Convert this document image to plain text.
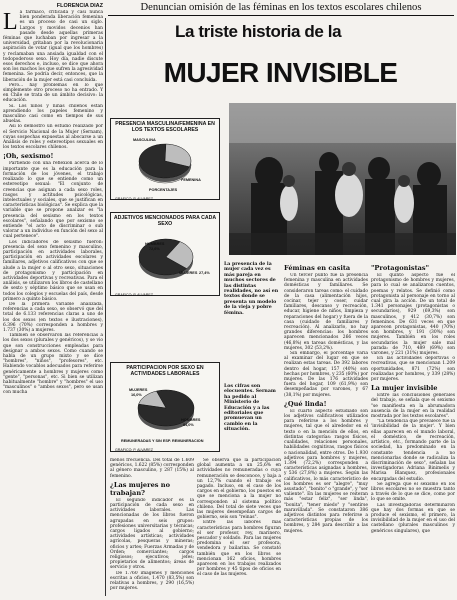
Denuncian omisión de las féminas en los textos escolares chilenos
La triste historia de la
MUJER INVISIBLE
FLORENCIA DIAZ
L a fármaco, criticada y casi nunca bien ponderada liberación femenina es un proceso de casi un siglo. Largos y movidos decenios han pasado desde aquellas primeras féminas que luchaban por ingresar a la universidad, gritaban por la revolucionaria aspiración de votar (igual que los hombres) y reclamaban una ansiada igualdad con el todopoderoso sexo. Hoy día, nadie discute esos derechos e, incluso, se dice que ahora son los machos los que sufren la agresividad femenina. Se podría decir, entonces, que la liberación de la mujer está casi concluida.
Pero... hay problemas en lo que simplemente otro proceso no ha entrado. Y en Chile se trata de un ámbito decisivo: la educación.
Si. Los niños y niñas chilenos están aprendiendo los papeles femenino y masculino casi como en tiempos de sus abuelas.
Así lo demostró un estudio realizado por el Servicio Nacional de la Mujer (Sernam), cuyas sospechas expuestas al abocarse a un Análisis de roles y estereotipos sexuales en los textos escolares chilenos.
¡Oh, sexismo!
Partiendo con una reflexión acerca de lo importante que es la educación para la formación de los jóvenes, el trabajo realizado lo que se entiende como un estereotipo sexual: "El conjunto de creencias que asignan a cada sexo roles, rasgos y actitudes psicológicas, intelectuales y sociales, que se justifican en características biológicas". Se explica que la variable que se propone analizar es "la presencia del sexismo en los textos escolares", señalando que por sexismo se entiende "el acto de discriminar o sub valorar a un individuo en función del sexo al cual pertenece".
Los indicadores de sexismo fueron: presencia del sexo femenino y masculino, participación en actividades laborales, participación en actividades escolares y familiares, adjetivos calificativos con que se alude a la mujer o al otro sexo, situaciones de protagonismo y participación en actividades deportivas y recreativas. Para el análisis, se utilizaron los libros de castellano de sexto y séptimo básico que se usan en todos los colegios y escuelas del país, desde primero a quinto básico.
De la primera variable analizada, referencias a cada sexo, se observó que del total de 6.133 referencias claras a uno de los dos sexos (en textos e ilustraciones), 6.396 (70%) corresponden a hombres y 1.737 (30%) a mujeres.
También se observaron las referencias a los dos sexos (plurales y genéricos), y se vio que son construcciones empleadas para designar a ambos sexos. Como cuando se habla de un grupo mixto y se dice "hombres", "niños", "profesores", etc. Habiendo vocablos adecuados para referirse genéricamente a hombres y mujeres como "gente", "personas", etc. Si bien se utilizan habitualmente "hombre" y "hombres" el uso "masculinos" o "ambos sexos", pero se usan con mucha
PRESENCIA MASCULINA/FEMENINA EN LOS TEXTOS ESCOLARES
MASCULINA
FEMENINA
PORCENTAJES
GRAFICO: P. ALVAREZ
ADJETIVOS MENCIONADOS PARA CADA SEXO
HOMBRES
72,6%
MUJERES 27,4%
GRAFICO: P. ALVAREZ
PARTICIPACION POR SEXO EN ACTIVIDADES LABORALES
MUJERES
16,0%
HOMBRES
84,0%
REMUNERADAS Y SIN ESP. REMUNERACION
GRAFICO: P. ALVAREZ
La presencia de la mujer cada vez es más pareja en muchos sectores de las distintas realidades, no así en textos donde se presenta un modelo de la vieja y pobre fémina.
Los cifras son elocuentes. Sernam ha pedido al Ministerio de Educación y a las editoriales que promuevan un cambio en la situación.
menos frecuencia. Del total de 1.609 genéricos, 1.622 (85%) corresponden al género masculino, y 287 (15%) al femenino.
¿Las mujeres no trabajan?
El segundo indicador es la participación de cada sexo en actividades laborales. Las mencionadas de los libros fueron agrupadas en seis grupos: profesiones universitarias y técnicas; cargos ligados al gobierno; actividades artísticas; actividades agrícolas, pesqueras y mineras; oficios y artes; Fuerzas Armadas y de Orden; comerciantes; cargos religiosos; ejecutivos; jefes; propietarios de alimentos; áreas de servicio y otros.
De 1.760 imágenes y menciones escritas a oficios, 1.470 (83,5%) son relativas a hombres, y 290 (16,5%) por mujeres.
Se observa que la participación global aumenta a un 25,6% en actividades no remuneradas o cuya remuneración se desconoce, y baja a un 12,7% cuando el trabajo es pagado. Incluso, en el caso de los cargos en el gobierno, los puestos en que se menciona a la mujer no corresponden al sistema político chileno. Del total de siete veces que las mujeres desempeñan cargos de gobierno, seis son "reinas".
Entre las labores más características para hombres figuran el ser profesor, rey, marinero, pescador y soldado. Para las mujeres predomina el ser profesora, vendedora y bailarina. Se constató también que en los libros se mencionan 162 oficios, hombres aparecen en los trabajos realizados por hombres y 45 tipos de oficios en el caso de las mujeres.
Féminas en casita
Un tercer punto fue la presencia femenina y masculina en actividades domésticas y familiares. Se consideraron tareas como: el cuidado de la casa (alimentación hijos, cocinar, tejer y coser, cuidar familiares, descanso y recreación, educar, higiene de niños, limpieza y reparaciones del hogar) y fuera de la casa (cuidado de familiares y recreación). Al analizarlo, no hay grandes diferencias: los hombres aparecen mencionados 266 veces (46,8%) en tareas domésticas, y las mujeres, 302 (53,2%).
Sin embargo, el porcentaje varía al examinar del lugar en que se realizan estas tareas. De 392 labores dentro del hogar, 157 (40%) son hechas por hombres, y 235 (60%) por mujeres. De las 176 actividades fuera del hogar, 109 (61,9%) son desempeñadas por varones, y 67 (38,1%) por mujeres.
¿Qué linda!
El cuarto aspecto estudiado son los adjetivos calificativos utilizados para referirse a los hombres y mujeres, tal que el alrededor en el texto o en la mención de ellos, en distintas categorías: rasgos físicos, cualidades, relaciones personales, habilidades cognitivas, rasgos físicos o nacionalidad, entre otros. De 1.930 adjetivos para hombres y mujeres, 1.394 (72,2%) corresponden a características asignadas a hombres, y 536 (27,8%) a mujeres. Según las calificativos, lo más característico de los hombres es ser "alegre", "muy asustado", "bonito" o "grande", y "ser valiente". En las mujeres se reiteran más "estar feliz", "ser linda", "bonita", "tener miedo" y "sentirse maravillada". Se constataron 386 adjetivos distintos para referirse a características propias de los hombres, y 284 para describir a las mujeres.
"Protagonistas"
El quinto aspecto fue el protagonismo de hombres y mujeres, para lo cual se analizaron cuentos, poemas y relatos. Se definió como protagonista al personaje en torno al cual gira la acción. De un total de 1.341 personajes (protagonistas o secundarios), 929 (69,3%) son masculinos, y 412 (30,7%) son femeninos. De 631 veces en que aparecen protagonistas, 440 (70%) son hombres, y 191 (30%) son mujeres. También en los roles secundarios la mujer sale mal parada: de 710, 489 (69%) son varones, y 221 (31%) mujeres.
En las actividades deportivas o recreativas, que se mencionan 1.209 oportunidades, 871 (72%) son realizadas por hombres, y 339 (28%) por mujeres.
La mujer invisible
Entre las conclusiones generales del trabajo, se señala que el sexismo "se manifiesta en la abrumadora ausencia de la mujer en la realidad mostrada por los textos escolares".
"La tendencia que prevalece fue la 'invisibilidad de la mujer'. Y bien ellas aparecen en el mundo laboral, el doméstico, de recreación, artístico, etc., formando parte de la sociedad, ha predominado en la constante tendencia a no mencionarlas donde se radicaliza la discriminación de sexo", señalan las investigadoras Adriana Binimelis y Marisa Blanquez, profesionales encargadas del estudio.
Se agrega que el sexismo en los libros escolares no se muestra tanto a través de lo que se dice, como por lo que se omite.
Las investigadoras determinaron que hay dos formas en que se produce el sexismo, el primero, la invisibilidad de la mujer en el uso del castellano (plurales masculinos y genéricos singulares), que
